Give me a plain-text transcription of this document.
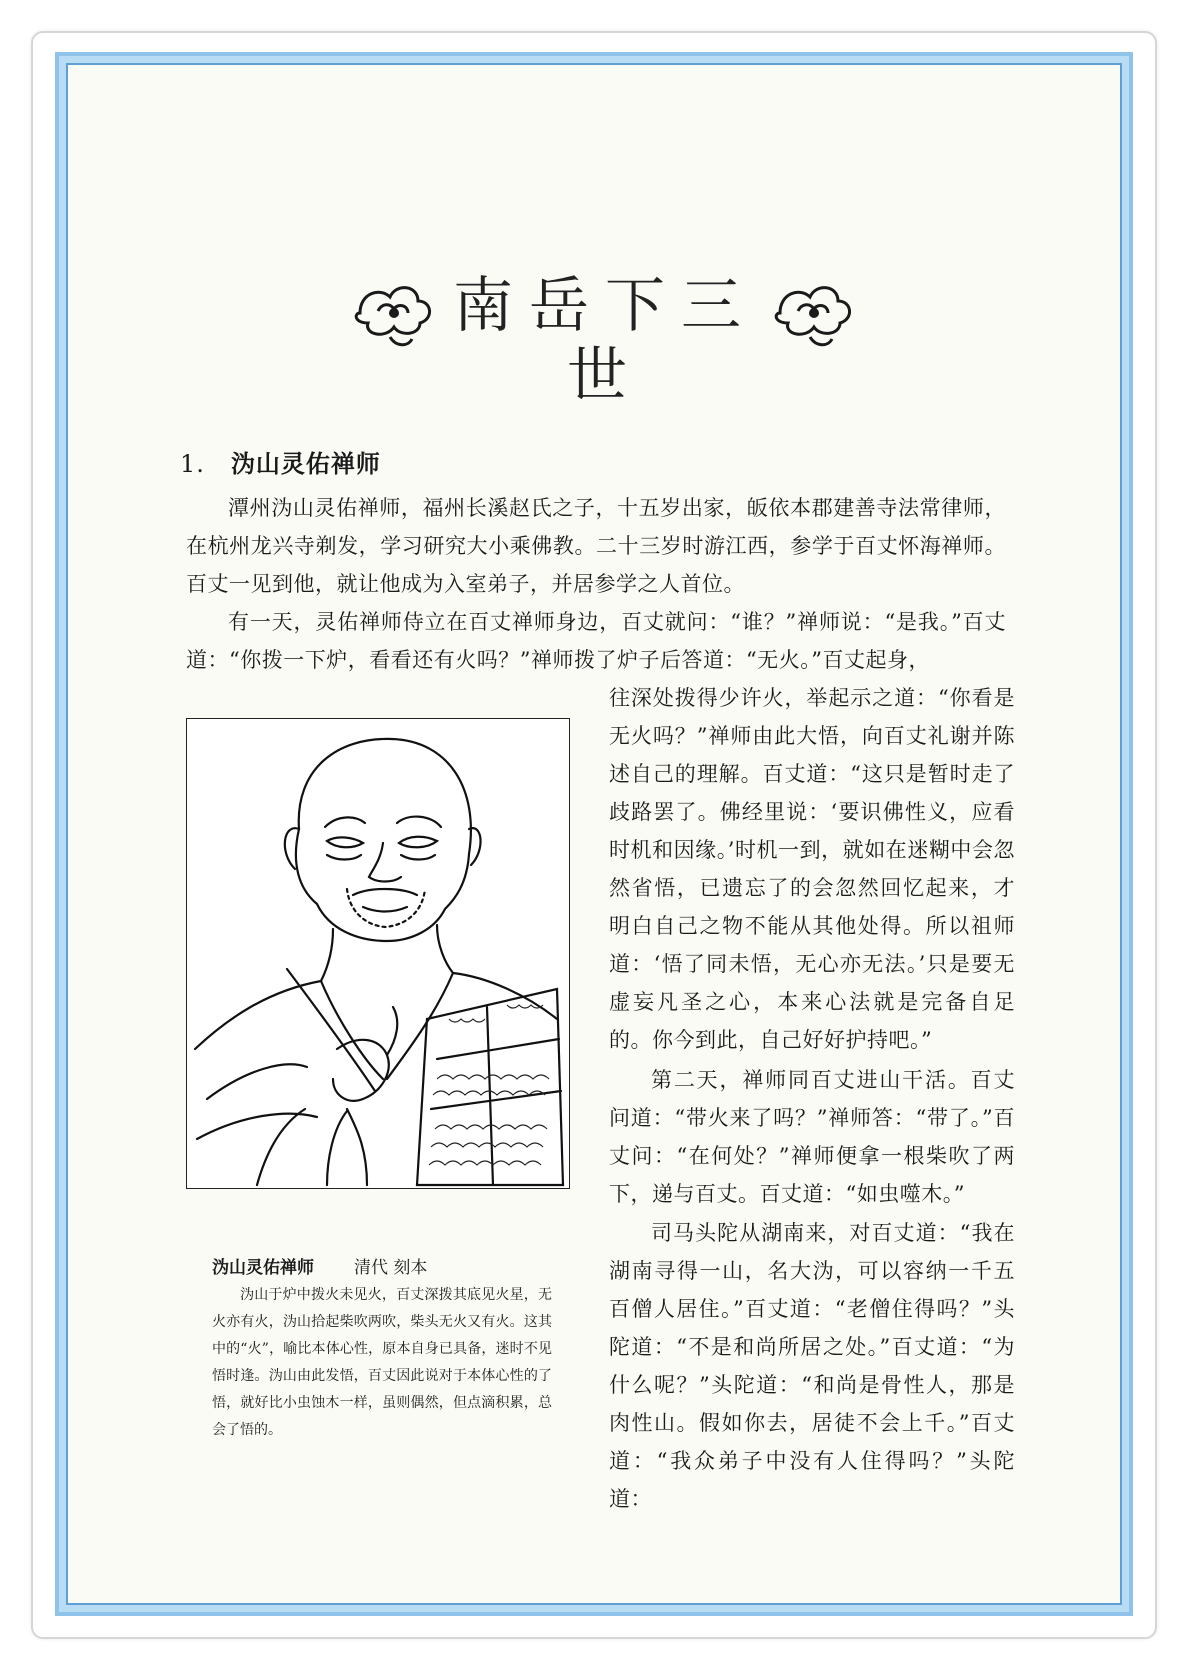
南岳下三世
1. 沩山灵佑禅师
潭州沩山灵佑禅师，福州长溪赵氏之子，十五岁出家，皈依本郡建善寺法常律师，在杭州龙兴寺剃发，学习研究大小乘佛教。二十三岁时游江西，参学于百丈怀海禅师。百丈一见到他，就让他成为入室弟子，并居参学之人首位。
有一天，灵佑禅师侍立在百丈禅师身边，百丈就问：“谁？”禅师说：“是我。”百丈道：“你拨一下炉，看看还有火吗？”禅师拨了炉子后答道：“无火。”百丈起身，
沩山灵佑禅师 清代 刻本
沩山于炉中拨火未见火，百丈深拨其底见火星，无火亦有火，沩山拾起柴吹两吹，柴头无火又有火。这其中的“火”，喻比本体心性，原本自身已具备，迷时不见悟时逢。沩山由此发悟，百丈因此说对于本体心性的了悟，就好比小虫蚀木一样，虽则偶然，但点滴积累，总会了悟的。
往深处拨得少许火，举起示之道：“你看是无火吗？”禅师由此大悟，向百丈礼谢并陈述自己的理解。百丈道：“这只是暂时走了歧路罢了。佛经里说：‘要识佛性义，应看时机和因缘。’时机一到，就如在迷糊中会忽然省悟，已遗忘了的会忽然回忆起来，才明白自己之物不能从其他处得。所以祖师道：‘悟了同未悟，无心亦无法。’只是要无虚妄凡圣之心，本来心法就是完备自足的。你今到此，自己好好护持吧。”
第二天，禅师同百丈进山干活。百丈问道：“带火来了吗？”禅师答：“带了。”百丈问：“在何处？”禅师便拿一根柴吹了两下，递与百丈。百丈道：“如虫噬木。”
司马头陀从湖南来，对百丈道：“我在湖南寻得一山，名大沩，可以容纳一千五百僧人居住。”百丈道：“老僧住得吗？”头陀道：“不是和尚所居之处。”百丈道：“为什么呢？”头陀道：“和尚是骨性人，那是肉性山。假如你去，居徒不会上千。”百丈道：“我众弟子中没有人住得吗？”头陀道：
